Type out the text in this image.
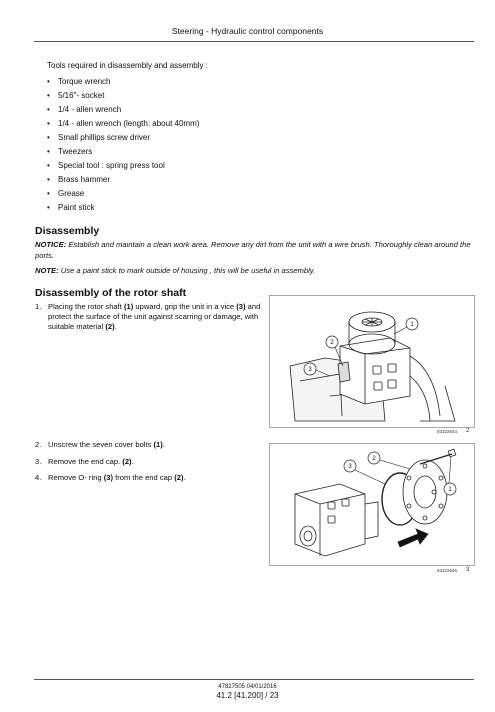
Steering - Hydraulic control components
Tools required in disassembly and assembly :
• Torque wrench
• 5/16"- socket
• 1/4 - allen wrench
• 1/4 - allen wrench (length: about 40mm)
• Small phillips screw driver
• Tweezers
• Special tool : spring press tool
• Brass hammer
• Grease
• Paint stick
Disassembly
NOTICE: Establish and maintain a clean work area. Remove any dirt from the unit with a wire brush. Thoroughly clean around the ports.
NOTE: Use a paint stick to mark outside of housing , this will be useful in assembly.
Disassembly of the rotor shaft
1. Placing the rotor shaft (1) upward, grip the unit in a vice (3) and protect the surface of the unit against scarring or damage, with suitable material (2).
2. Unscrew the seven cover bolts (1).
3. Remove the end cap. (2).
4. Remove O- ring (3) from the end cap (2).
1
2
3
93102644 2
1
2
3
93102645 3
47827505 04/01/2016
41.2 [41.200] / 23
